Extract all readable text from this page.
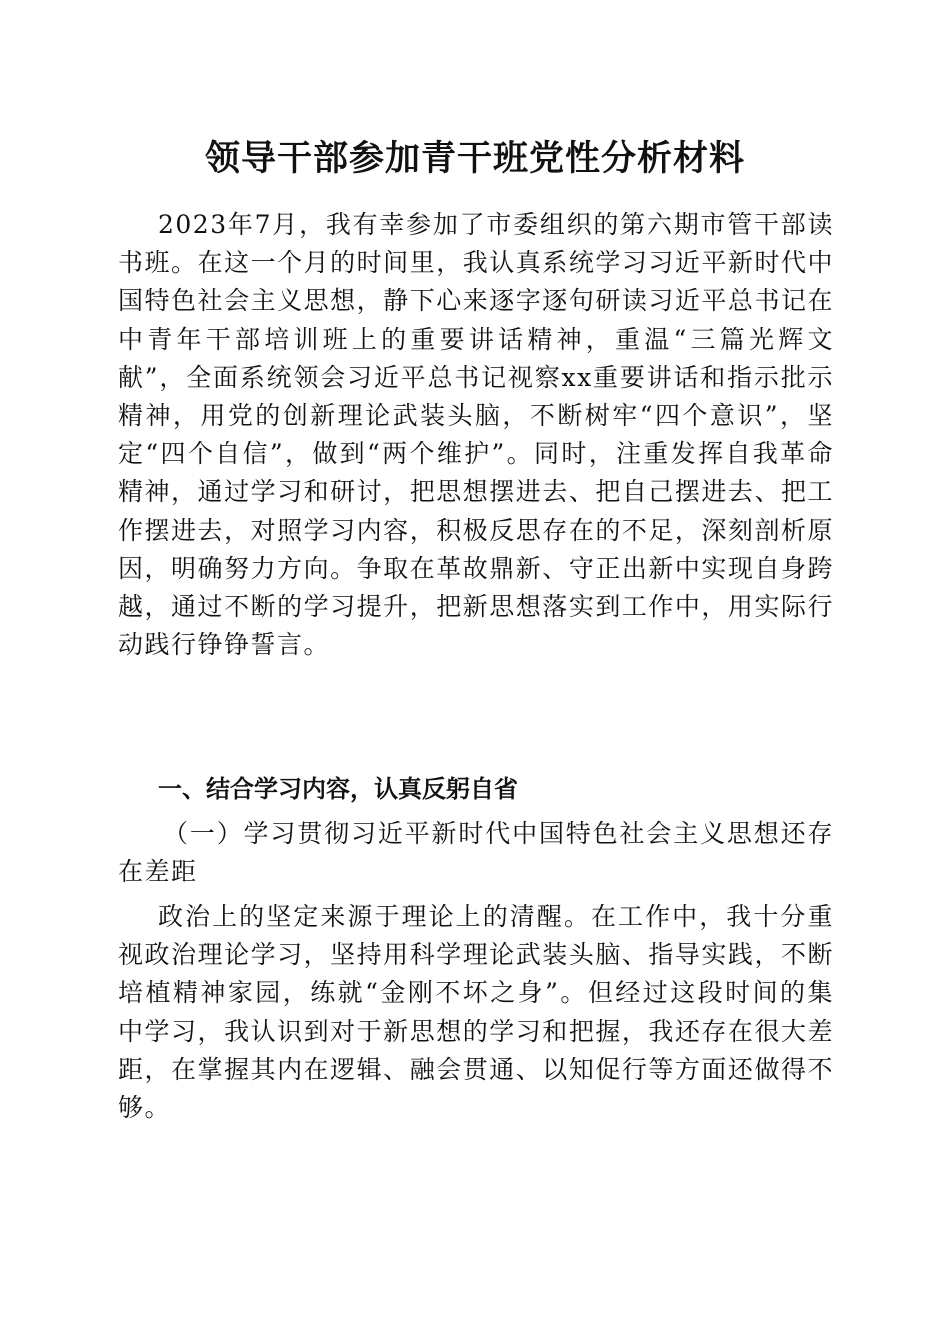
领导干部参加青干班党性分析材料

2023年7月，我有幸参加了市委组织的第六期市管干部读书班。在这一个月的时间里，我认真系统学习习近平新时代中国特色社会主义思想，静下心来逐字逐句研读习近平总书记在中青年干部培训班上的重要讲话精神，重温“三篇光辉文献”，全面系统领会习近平总书记视察xx重要讲话和指示批示精神，用党的创新理论武装头脑，不断树牢“四个意识”，坚定“四个自信”，做到“两个维护”。同时，注重发挥自我革命精神，通过学习和研讨，把思想摆进去、把自己摆进去、把工作摆进去，对照学习内容，积极反思存在的不足，深刻剖析原因，明确努力方向。争取在革故鼎新、守正出新中实现自身跨越，通过不断的学习提升，把新思想落实到工作中，用实际行动践行铮铮誓言。

一、结合学习内容，认真反躬自省

（一）学习贯彻习近平新时代中国特色社会主义思想还存在差距

政治上的坚定来源于理论上的清醒。在工作中，我十分重视政治理论学习，坚持用科学理论武装头脑、指导实践，不断培植精神家园，练就“金刚不坏之身”。但经过这段时间的集中学习，我认识到对于新思想的学习和把握，我还存在很大差距，在掌握其内在逻辑、融会贯通、以知促行等方面还做得不够。
